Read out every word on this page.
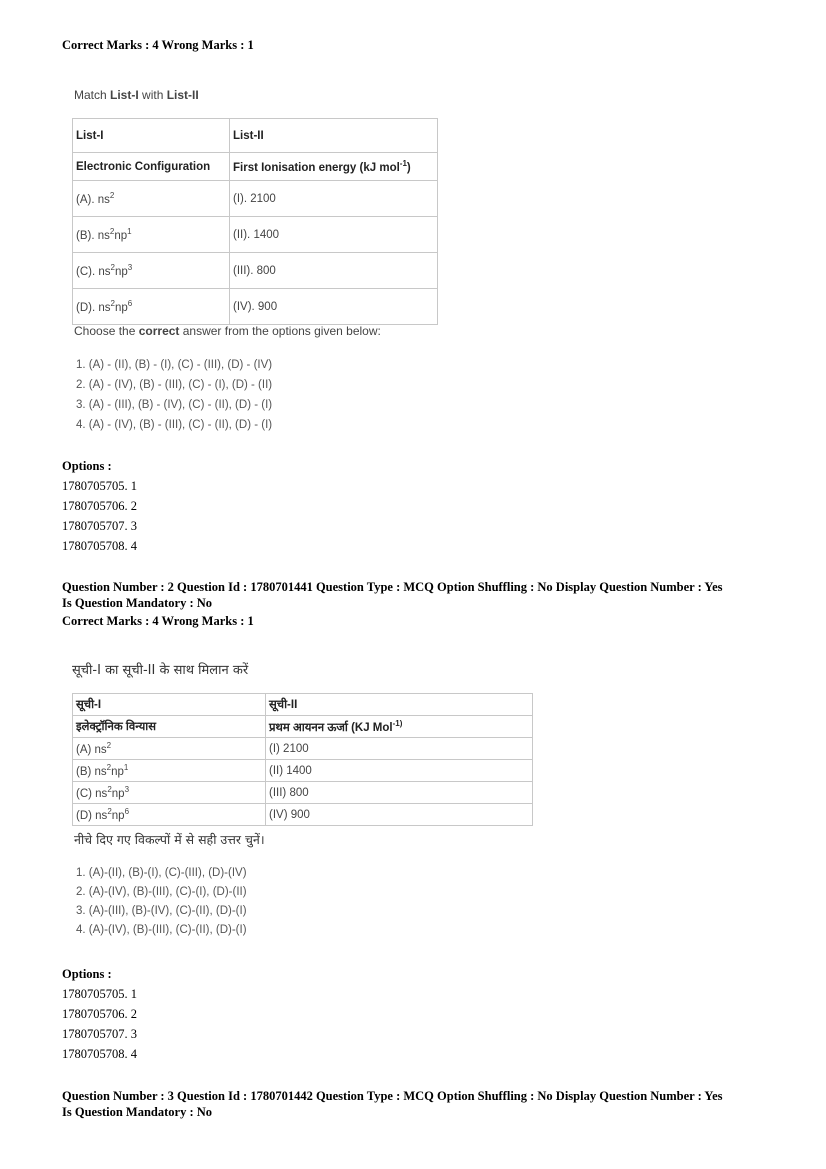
Correct Marks : 4 Wrong Marks : 1
Match List-I with List-II
List-I	List-II
Electronic Configuration	First Ionisation energy (kJ mol$^{-1}$)
(A). $ns^2$	(I). 2100
(B). $ns^2np^1$	(II). 1400
(C). $ns^2np^3$	(III). 800
(D). $ns^2np^6$	(IV). 900
Choose the correct answer from the options given below:
1. (A) - (II), (B) - (I), (C) - (III), (D) - (IV)
2. (A) - (IV), (B) - (III), (C) - (I), (D) - (II)
3. (A) - (III), (B) - (IV), (C) - (II), (D) - (I)
4. (A) - (IV), (B) - (III), (C) - (II), (D) - (I)
Options :
1780705705. 1
1780705706. 2
1780705707. 3
1780705708. 4
Question Number : 2 Question Id : 1780701441 Question Type : MCQ Option Shuffling : No Display Question Number : Yes
Is Question Mandatory : No
Correct Marks : 4 Wrong Marks : 1
सूची-I का सूची-II के साथ मिलान करें
सूची-I	सूची-II
इलेक्ट्रॉनिक विन्यास	प्रथम आयनन ऊर्जा (KJ Mol$^{-1)}$
(A) $ns^2$	(I) 2100
(B) $ns^2np^1$	(II) 1400
(C) $ns^2np^3$	(III) 800
(D) $ns^2np^6$	(IV) 900
नीचे दिए गए विकल्पों में से सही उत्तर चुनें।
1. (A)-(II), (B)-(I), (C)-(III), (D)-(IV)
2. (A)-(IV), (B)-(III), (C)-(I), (D)-(II)
3. (A)-(III), (B)-(IV), (C)-(II), (D)-(I)
4. (A)-(IV), (B)-(III), (C)-(II), (D)-(I)
Options :
1780705705. 1
1780705706. 2
1780705707. 3
1780705708. 4
Question Number : 3 Question Id : 1780701442 Question Type : MCQ Option Shuffling : No Display Question Number : Yes
Is Question Mandatory : No
